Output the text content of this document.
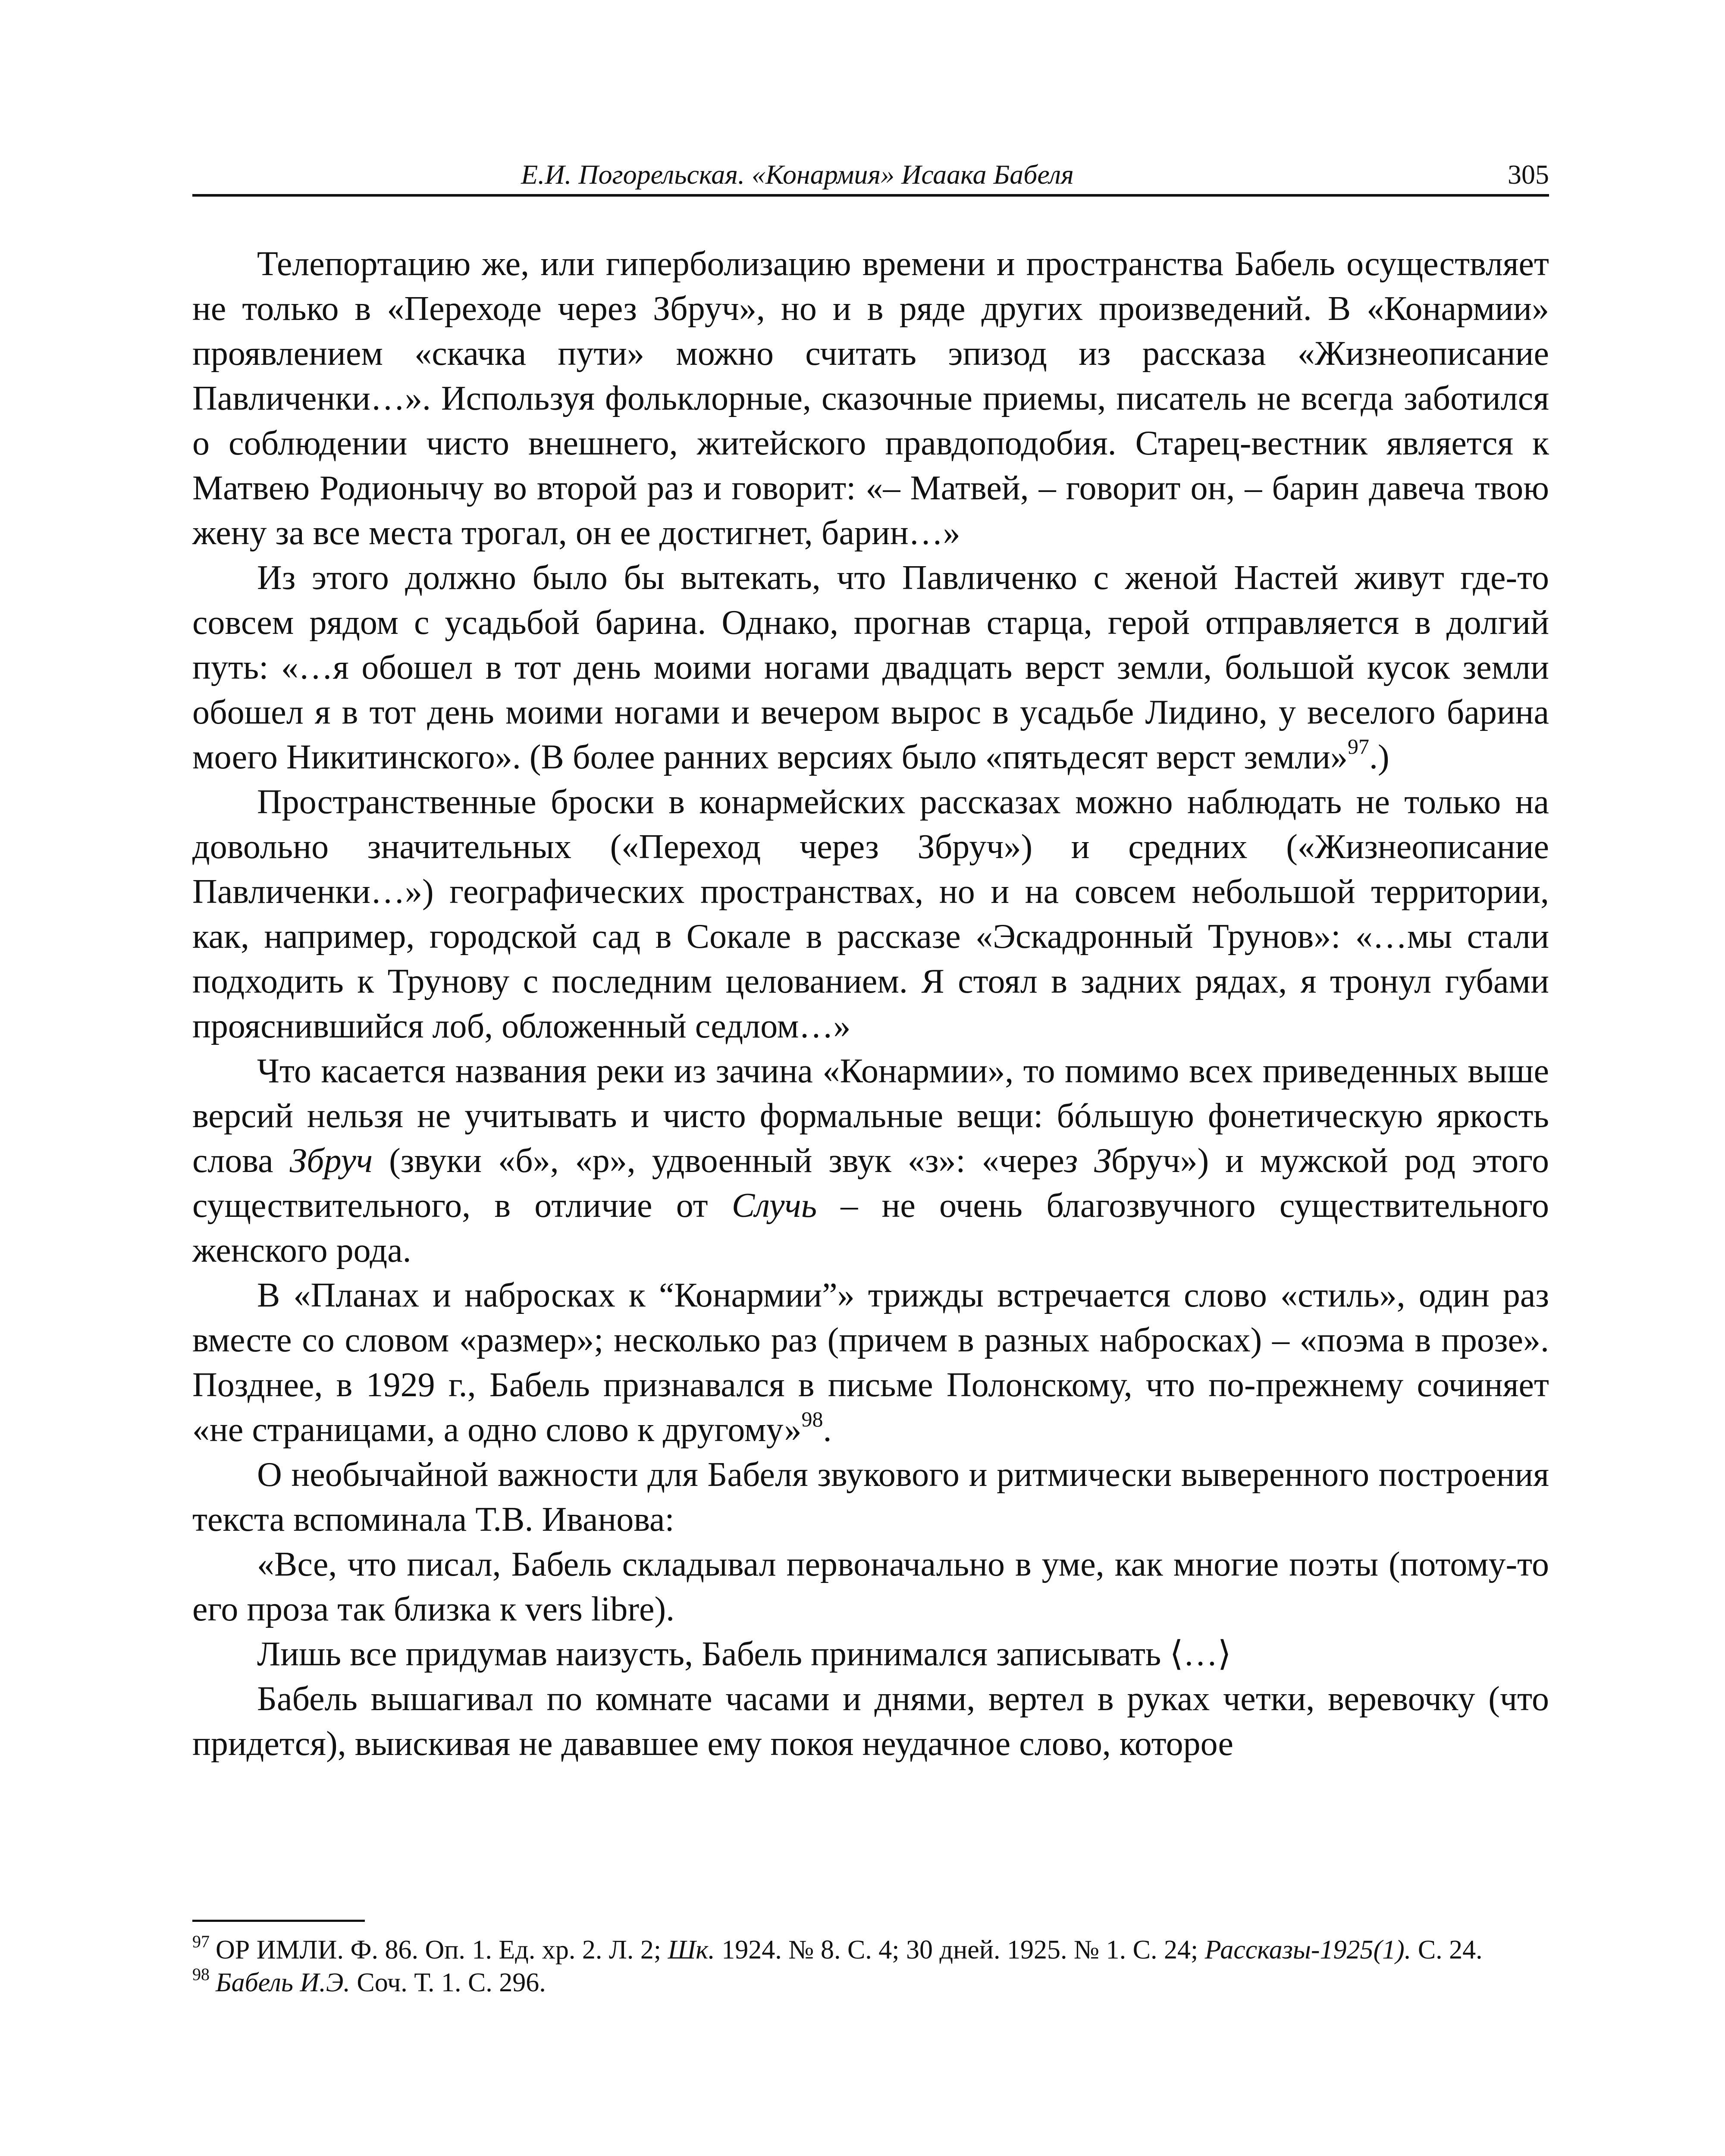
Е.И. Погорельская. «Конармия» Исаака Бабеля	305

Телепортацию же, или гиперболизацию времени и пространства Бабель осуществляет не только в «Переходе через Збруч», но и в ряде других произведений. В «Конармии» проявлением «скачка пути» можно считать эпизод из рассказа «Жизнеописание Павличенки…». Используя фольклорные, сказочные приемы, писатель не всегда заботился о соблюдении чисто внешнего, житейского правдоподобия. Старец-вестник является к Матвею Родионычу во второй раз и говорит: «– Матвей, – говорит он, – барин давеча твою жену за все места трогал, он ее достигнет, барин…»

Из этого должно было бы вытекать, что Павличенко с женой Настей живут где-то совсем рядом с усадьбой барина. Однако, прогнав старца, герой отправляется в долгий путь: «…я обошел в тот день моими ногами двадцать верст земли, большой кусок земли обошел я в тот день моими ногами и вечером вырос в усадьбе Лидино, у веселого барина моего Никитинского». (В более ранних версиях было «пятьдесят верст земли»$^{97}$.)

Пространственные броски в конармейских рассказах можно наблюдать не только на довольно значительных («Переход через Збруч») и средних («Жизнеописание Павличенки…») географических пространствах, но и на совсем небольшой территории, как, например, городской сад в Сокале в рассказе «Эскадронный Трунов»: «…мы стали подходить к Трунову с последним целованием. Я стоял в задних рядах, я тронул губами прояснившийся лоб, обложенный седлом…»

Что касается названия реки из зачина «Конармии», то помимо всех приведенных выше версий нельзя не учитывать и чисто формальные вещи: бóльшую фонетическую яркость слова Збруч (звуки «б», «р», удвоенный звук «з»: «через Збруч») и мужской род этого существительного, в отличие от Случь – не очень благозвучного существительного женского рода.

В «Планах и набросках к “Конармии”» трижды встречается слово «стиль», один раз вместе со словом «размер»; несколько раз (причем в разных набросках) – «поэма в прозе». Позднее, в 1929 г., Бабель признавался в письме Полонскому, что по-прежнему сочиняет «не страницами, а одно слово к другому»$^{98}$.

О необычайной важности для Бабеля звукового и ритмически выверенного построения текста вспоминала Т.В. Иванова:

«Все, что писал, Бабель складывал первоначально в уме, как многие поэты (потому-то его проза так близка к vers libre).

Лишь все придумав наизусть, Бабель принимался записывать ⟨…⟩

Бабель вышагивал по комнате часами и днями, вертел в руках четки, веревочку (что придется), выискивая не дававшее ему покоя неудачное слово, которое

$^{97}$ ОР ИМЛИ. Ф. 86. Оп. 1. Ед. хр. 2. Л. 2; Шк. 1924. № 8. С. 4; 30 дней. 1925. № 1. С. 24; Рассказы-1925(1). С. 24.

$^{98}$ Бабель И.Э. Соч. Т. 1. С. 296.
